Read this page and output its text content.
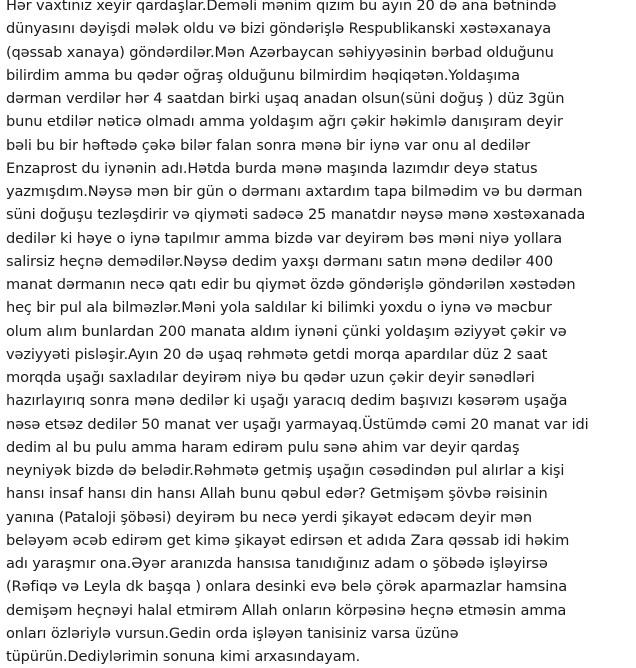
Hər vaxtınız xeyir qardaşlar.Deməli mənim qızım bu ayın 20 də ana bətnində
dünyasını dəyişdi mələk oldu və bizi göndərişlə Respublikanski xəstəxanaya
(qəssab xanaya) göndərdilər.Mən Azərbaycan səhiyyəsinin bərbad olduğunu
bilirdim amma bu qədər oğraş olduğunu bilmirdim həqiqətən.Yoldaşıma
dərman verdilər hər 4 saatdan birki uşaq anadan olsun(süni doğuş ) düz 3gün
bunu etdilər nəticə olmadı amma yoldaşım ağrı çəkir həkimlə danışıram deyir
bəli bu bir həftədə çəkə bilər falan sonra mənə bir iynə var onu al dedilər
Enzaprost du iynənin adı.Hətda burda mənə maşında lazımdır deyə status
yazmışdım.Nəysə mən bir gün o dərmanı axtardım tapa bilmədim və bu dərman
süni doğuşu tezləşdirir və qiyməti sadəcə 25 manatdır nəysə mənə xəstəxanada
dedilər ki həye o iynə tapılmır amma bizdə var deyirəm bəs məni niyə yollara
salirsiz heçnə demədilər.Nəysə dedim yaxşı dərmanı satın mənə dedilər 400
manat dərmanın necə qatı edir bu qiymət özdə göndərişlə göndərilən xəstədən
heç bir pul ala bilməzlər.Məni yola saldılar ki bilimki yoxdu o iynə və məcbur
olum alım bunlardan 200 manata aldım iynəni çünki yoldaşım əziyyət çəkir və
vəziyyəti pisləşir.Ayın 20 də uşaq rəhmətə getdi morqa apardılar düz 2 saat
morqda uşağı saxladılar deyirəm niyə bu qədər uzun çəkir deyir sənədləri
hazırlayırıq sonra mənə dedilər ki uşağı yaracıq dedim başıvızı kəsərəm uşağa
nəsə etsəz dedilər 50 manat ver uşağı yarmayaq.Üstümdə cəmi 20 manat var idi
dedim al bu pulu amma haram edirəm pulu sənə ahim var deyir qardaş
neyniyək bizdə də belədir.Rəhmətə getmiş uşağın cəsədindən pul alırlar a kişi
hansı insaf hansı din hansı Allah bunu qəbul edər? Getmişəm şövbə rəisinin
yanına (Pataloji şöbəsi) deyirəm bu necə yerdi şikayət edəcəm deyir mən
beləyəm əcəb edirəm get kimə şikayət edirsən et adıda Zara qəssab idi həkim
adı yaraşmır ona.Əyər aranızda hansısa tanıdığınız adam o şöbədə işləyirsə
(Rəfiqə və Leyla dk başqa ) onlara desinki evə belə çörək aparmazlar hamsina
demişəm heçnəyi halal etmirəm Allah onların körpəsinə heçnə etməsin amma
onları özləriylə vursun.Gedin orda işləyən tanisiniz varsa üzünə
tüpürün.Dediylərimin sonuna kimi arxasındayam.
